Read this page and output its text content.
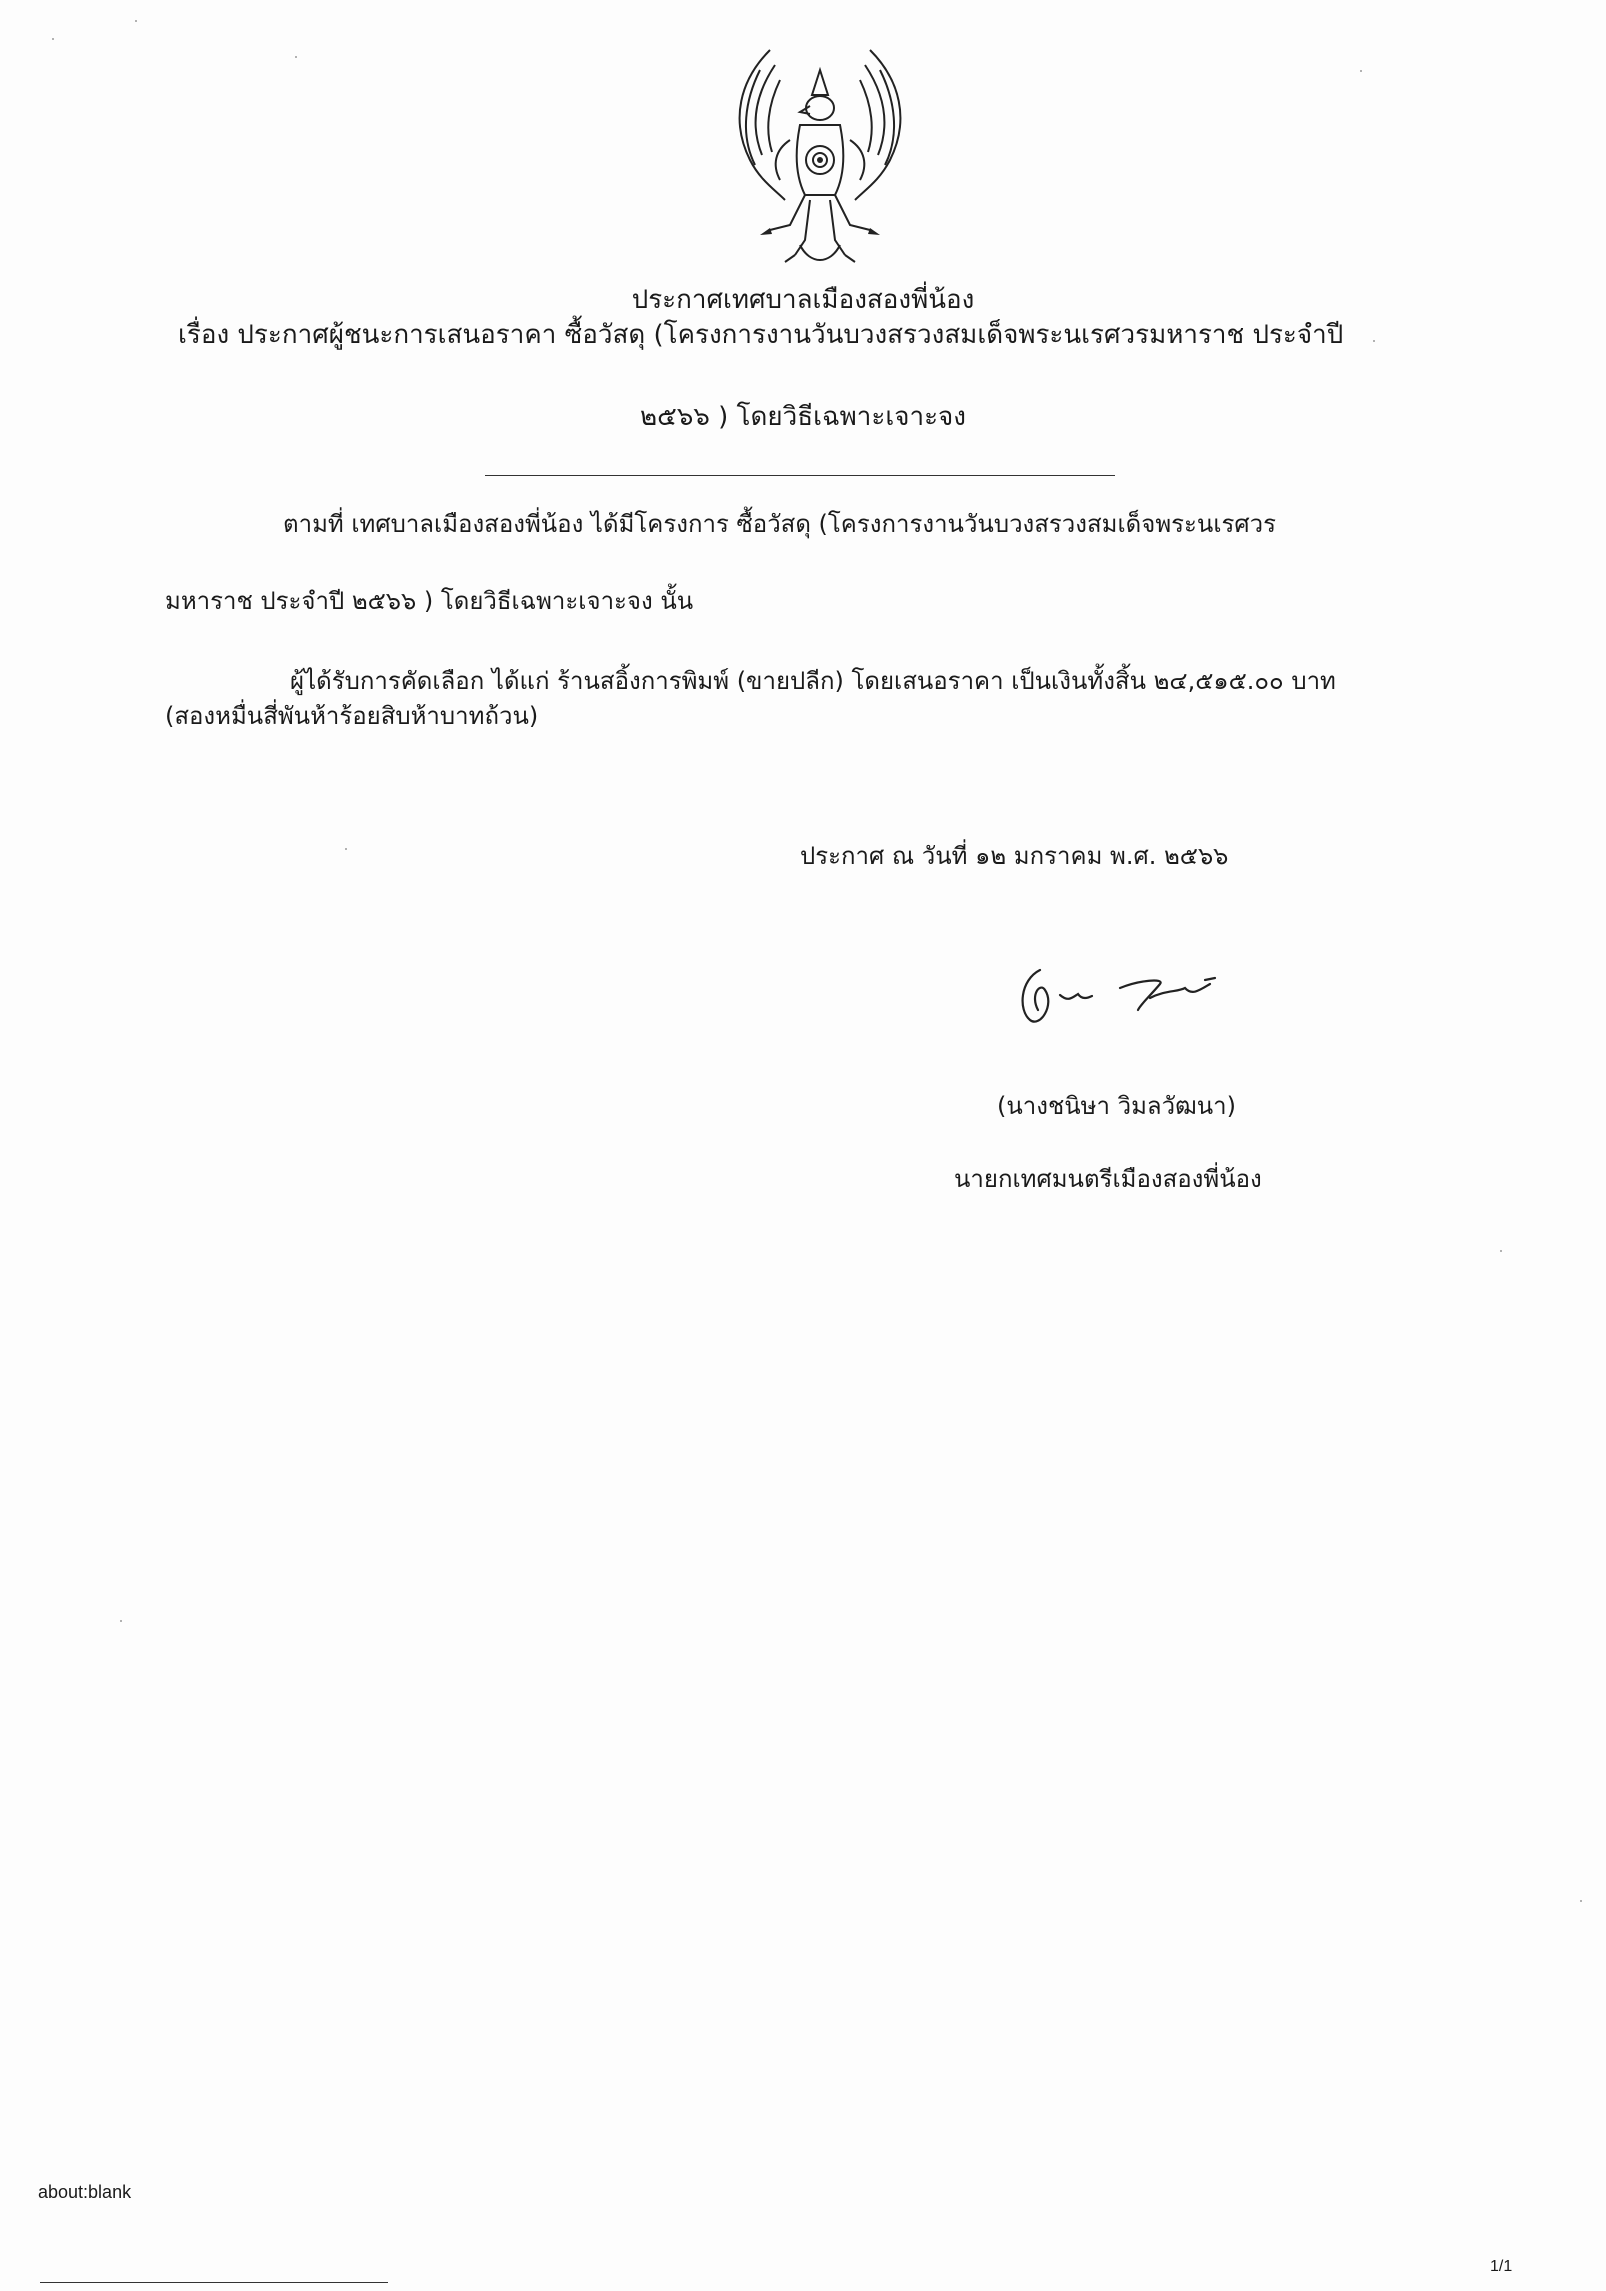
ประกาศเทศบาลเมืองสองพี่น้อง
เรื่อง ประกาศผู้ชนะการเสนอราคา ซื้อวัสดุ (โครงการงานวันบวงสรวงสมเด็จพระนเรศวรมหาราช ประจำปี
๒๕๖๖ ) โดยวิธีเฉพาะเจาะจง
ตามที่ เทศบาลเมืองสองพี่น้อง ได้มีโครงการ ซื้อวัสดุ (โครงการงานวันบวงสรวงสมเด็จพระนเรศวร
มหาราช ประจำปี ๒๕๖๖ ) โดยวิธีเฉพาะเจาะจง นั้น
ผู้ได้รับการคัดเลือก ได้แก่ ร้านสอิ้งการพิมพ์ (ขายปลีก) โดยเสนอราคา เป็นเงินทั้งสิ้น ๒๔,๕๑๕.๐๐ บาท
(สองหมื่นสี่พันห้าร้อยสิบห้าบาทถ้วน)
ประกาศ ณ วันที่ ๑๒ มกราคม พ.ศ. ๒๕๖๖
(นางชนิษา วิมลวัฒนา)
นายกเทศมนตรีเมืองสองพี่น้อง
about:blank
1/1
